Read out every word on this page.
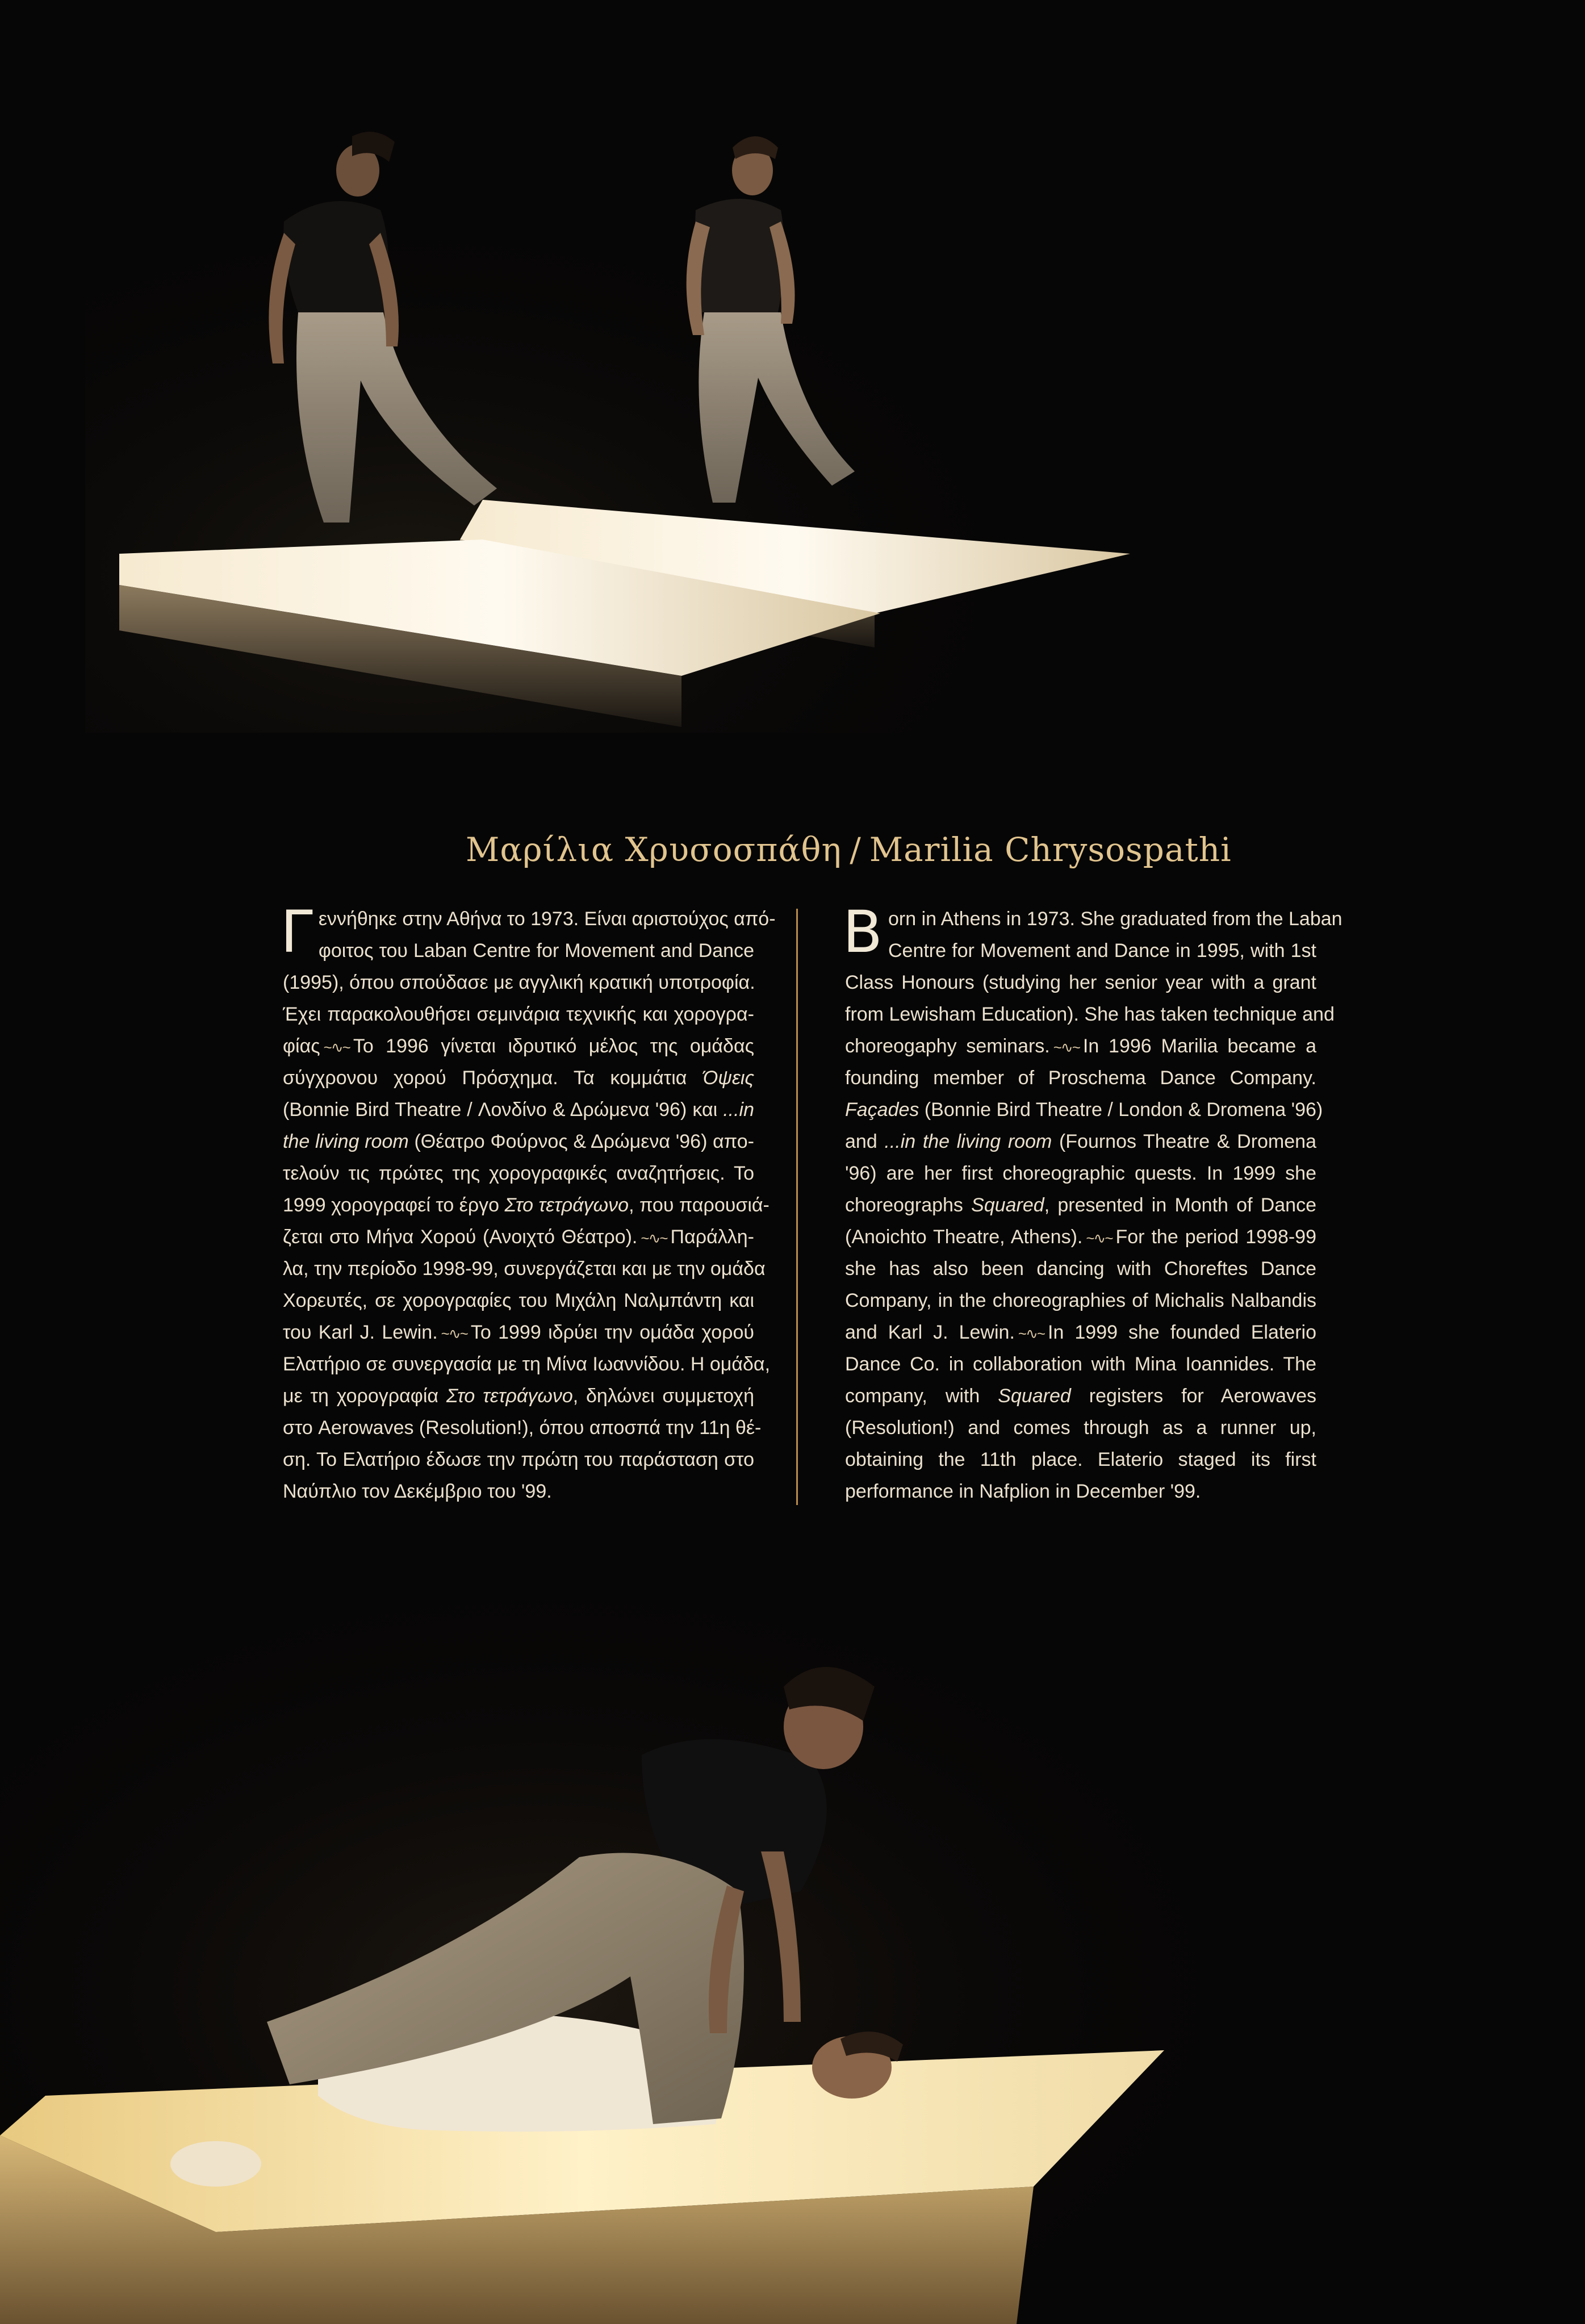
Μαρίλια Χρυσοσπάθη / Marilia Chrysospathi
Γ εννήθηκε στην Αθήνα το 1973. Είναι αριστούχος από-
φοιτος του Laban Centre for Movement and Dance
(1995), όπου σπούδασε με αγγλική κρατική υποτροφία.
Έχει παρακολουθήσει σεμινάρια τεχνικής και χορογρα-
φίας ~∿~ Το 1996 γίνεται ιδρυτικό μέλος της ομάδας
σύγχρονου χορού Πρόσχημα. Τα κομμάτια Όψεις
(Bonnie Bird Theatre / Λονδίνο & Δρώμενα '96) και ...in
the living room (Θέατρο Φούρνος & Δρώμενα '96) απο-
τελούν τις πρώτες της χορογραφικές αναζητήσεις. Το
1999 χορογραφεί το έργο Στο τετράγωνο, που παρουσιά-
ζεται στο Μήνα Χορού (Ανοιχτό Θέατρο). ~∿~ Παράλλη-
λα, την περίοδο 1998-99, συνεργάζεται και με την ομάδα
Χορευτές, σε χορογραφίες του Μιχάλη Ναλμπάντη και
του Karl J. Lewin. ~∿~ Το 1999 ιδρύει την ομάδα χορού
Ελατήριο σε συνεργασία με τη Μίνα Ιωαννίδου. Η ομάδα,
με τη χορογραφία Στο τετράγωνο, δηλώνει συμμετοχή
στο Aerowaves (Resolution!), όπου αποσπά την 11η θέ-
ση. Το Ελατήριο έδωσε την πρώτη του παράσταση στο
Ναύπλιο τον Δεκέμβριο του '99.
B orn in Athens in 1973. She graduated from the Laban
Centre for Movement and Dance in 1995, with 1st
Class Honours (studying her senior year with a grant
from Lewisham Education). She has taken technique and
choreogaphy seminars. ~∿~ In 1996 Marilia became a
founding member of Proschema Dance Company.
Façades (Bonnie Bird Theatre / London & Dromena '96)
and ...in the living room (Fournos Theatre & Dromena
'96) are her first choreographic quests. In 1999 she
choreographs Squared, presented in Month of Dance
(Anoichto Theatre, Athens). ~∿~ For the period 1998-99
she has also been dancing with Choreftes Dance
Company, in the choreographies of Michalis Nalbandis
and Karl J. Lewin. ~∿~ In 1999 she founded Elaterio
Dance Co. in collaboration with Mina Ioannides. The
company, with Squared registers for Aerowaves
(Resolution!) and comes through as a runner up,
obtaining the 11th place. Elaterio staged its first
performance in Nafplion in December '99.
